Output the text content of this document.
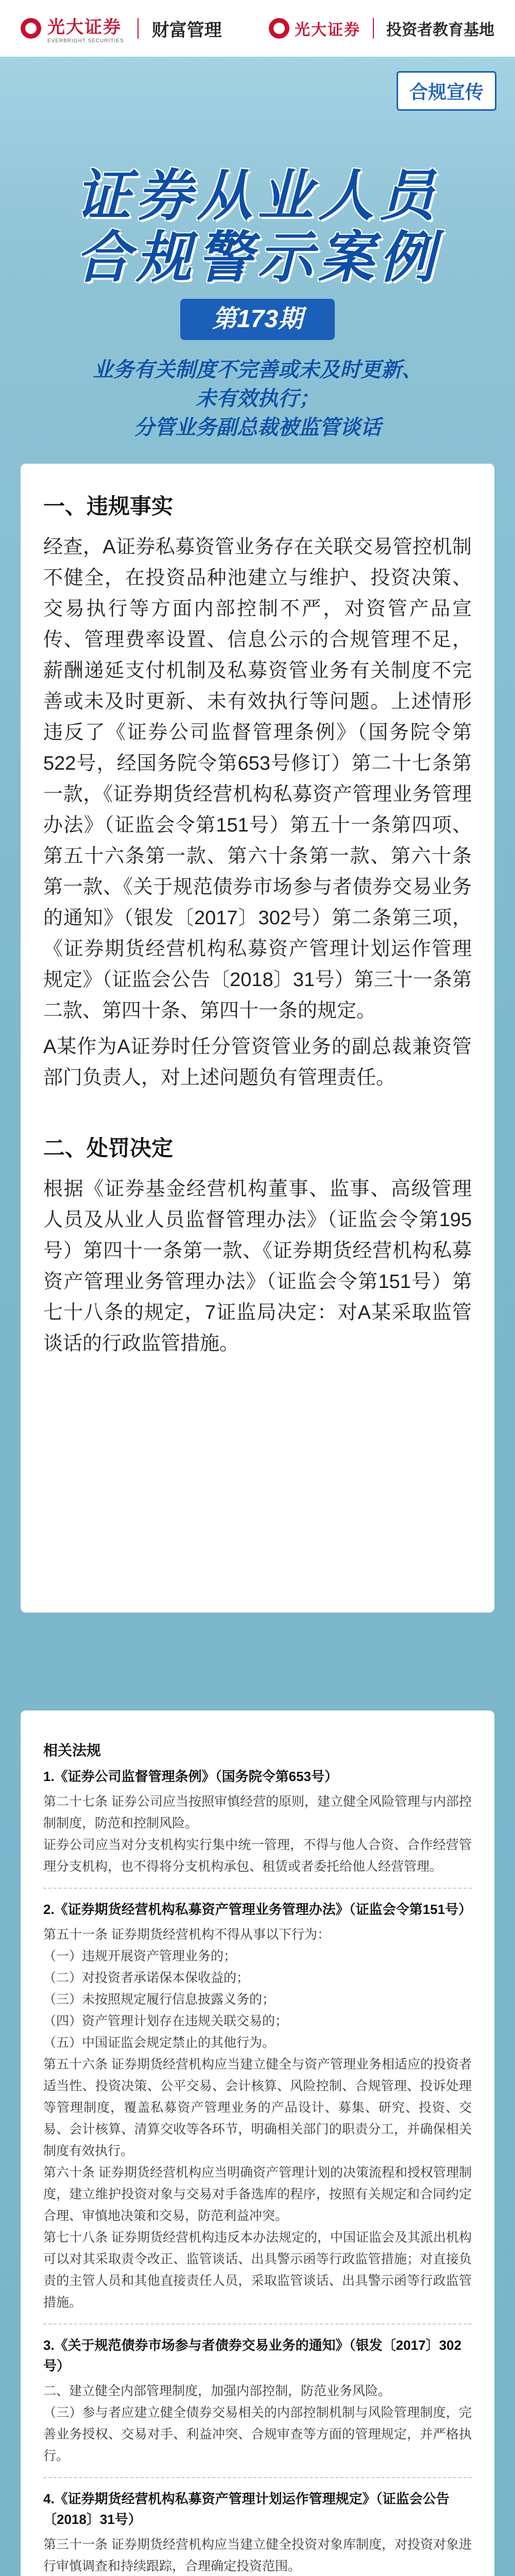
光大证券
EVERBRIGHT SECURITIES
财富管理	光大证券 投资者教育基地
合规宣传
证券从业人员
合规警示案例
第173期
业务有关制度不完善或未及时更新、
未有效执行；
分管业务副总裁被监管谈话
一、违规事实

经查，A证券私募资管业务存在关联交易管控机制不健全，在投资品种池建立与维护、投资决策、交易执行等方面内部控制不严，对资管产品宣传、管理费率设置、信息公示的合规管理不足，薪酬递延支付机制及私募资管业务有关制度不完善或未及时更新、未有效执行等问题。上述情形违反了《证券公司监督管理条例》（国务院令第522号，经国务院令第653号修订）第二十七条第一款，《证券期货经营机构私募资产管理业务管理办法》（证监会令第151号）第五十一条第四项、第五十六条第一款、第六十条第一款、第六十条第一款、《关于规范债券市场参与者债券交易业务的通知》（银发〔2017〕302号）第二条第三项，《证券期货经营机构私募资产管理计划运作管理规定》（证监会公告〔2018〕31号）第三十一条第二款、第四十条、第四十一条的规定。

A某作为A证券时任分管资管业务的副总裁兼资管部门负责人，对上述问题负有管理责任。

二、处罚决定

根据《证券基金经营机构董事、监事、高级管理人员及从业人员监督管理办法》（证监会令第195号）第四十一条第一款、《证券期货经营机构私募资产管理业务管理办法》（证监会令第151号）第七十八条的规定，7证监局决定：对A某采取监管谈话的行政监管措施。

相关法规
1.《证券公司监督管理条例》（国务院令第653号）

第二十七条 证券公司应当按照审慎经营的原则，建立健全风险管理与内部控制制度，防范和控制风险。

证券公司应当对分支机构实行集中统一管理，不得与他人合资、合作经营管理分支机构，也不得将分支机构承包、租赁或者委托给他人经营管理。

2.《证券期货经营机构私募资产管理业务管理办法》（证监会令第151号）

第五十一条 证券期货经营机构不得从事以下行为：

（一）违规开展资产管理业务的；

（二）对投资者承诺保本保收益的；

（三）未按照规定履行信息披露义务的；

（四）资产管理计划存在违规关联交易的；

（五）中国证监会规定禁止的其他行为。

第五十六条 证券期货经营机构应当建立健全与资产管理业务相适应的投资者适当性、投资决策、公平交易、会计核算、风险控制、合规管理、投诉处理等管理制度，覆盖私募资产管理业务的产品设计、募集、研究、投资、交易、会计核算、清算交收等各环节，明确相关部门的职责分工，并确保相关制度有效执行。

第六十条 证券期货经营机构应当明确资产管理计划的决策流程和授权管理制度，建立维护投资对象与交易对手备选库的程序，按照有关规定和合同约定合理、审慎地决策和交易，防范利益冲突。

第七十八条 证券期货经营机构违反本办法规定的，中国证监会及其派出机构可以对其采取责令改正、监管谈话、出具警示函等行政监管措施；对直接负责的主管人员和其他直接责任人员，采取监管谈话、出具警示函等行政监管措施。

3.《关于规范债券市场参与者债券交易业务的通知》（银发〔2017〕302号）

二、建立健全内部管理制度，加强内部控制，防范业务风险。

（三）参与者应建立健全债券交易相关的内部控制机制与风险管理制度，完善业务授权、交易对手、利益冲突、合规审查等方面的管理规定，并严格执行。

4.《证券期货经营机构私募资产管理计划运作管理规定》（证监会公告〔2018〕31号）

第三十一条 证券期货经营机构应当建立健全投资对象库制度，对投资对象进行审慎调查和持续跟踪，合理确定投资范围。
